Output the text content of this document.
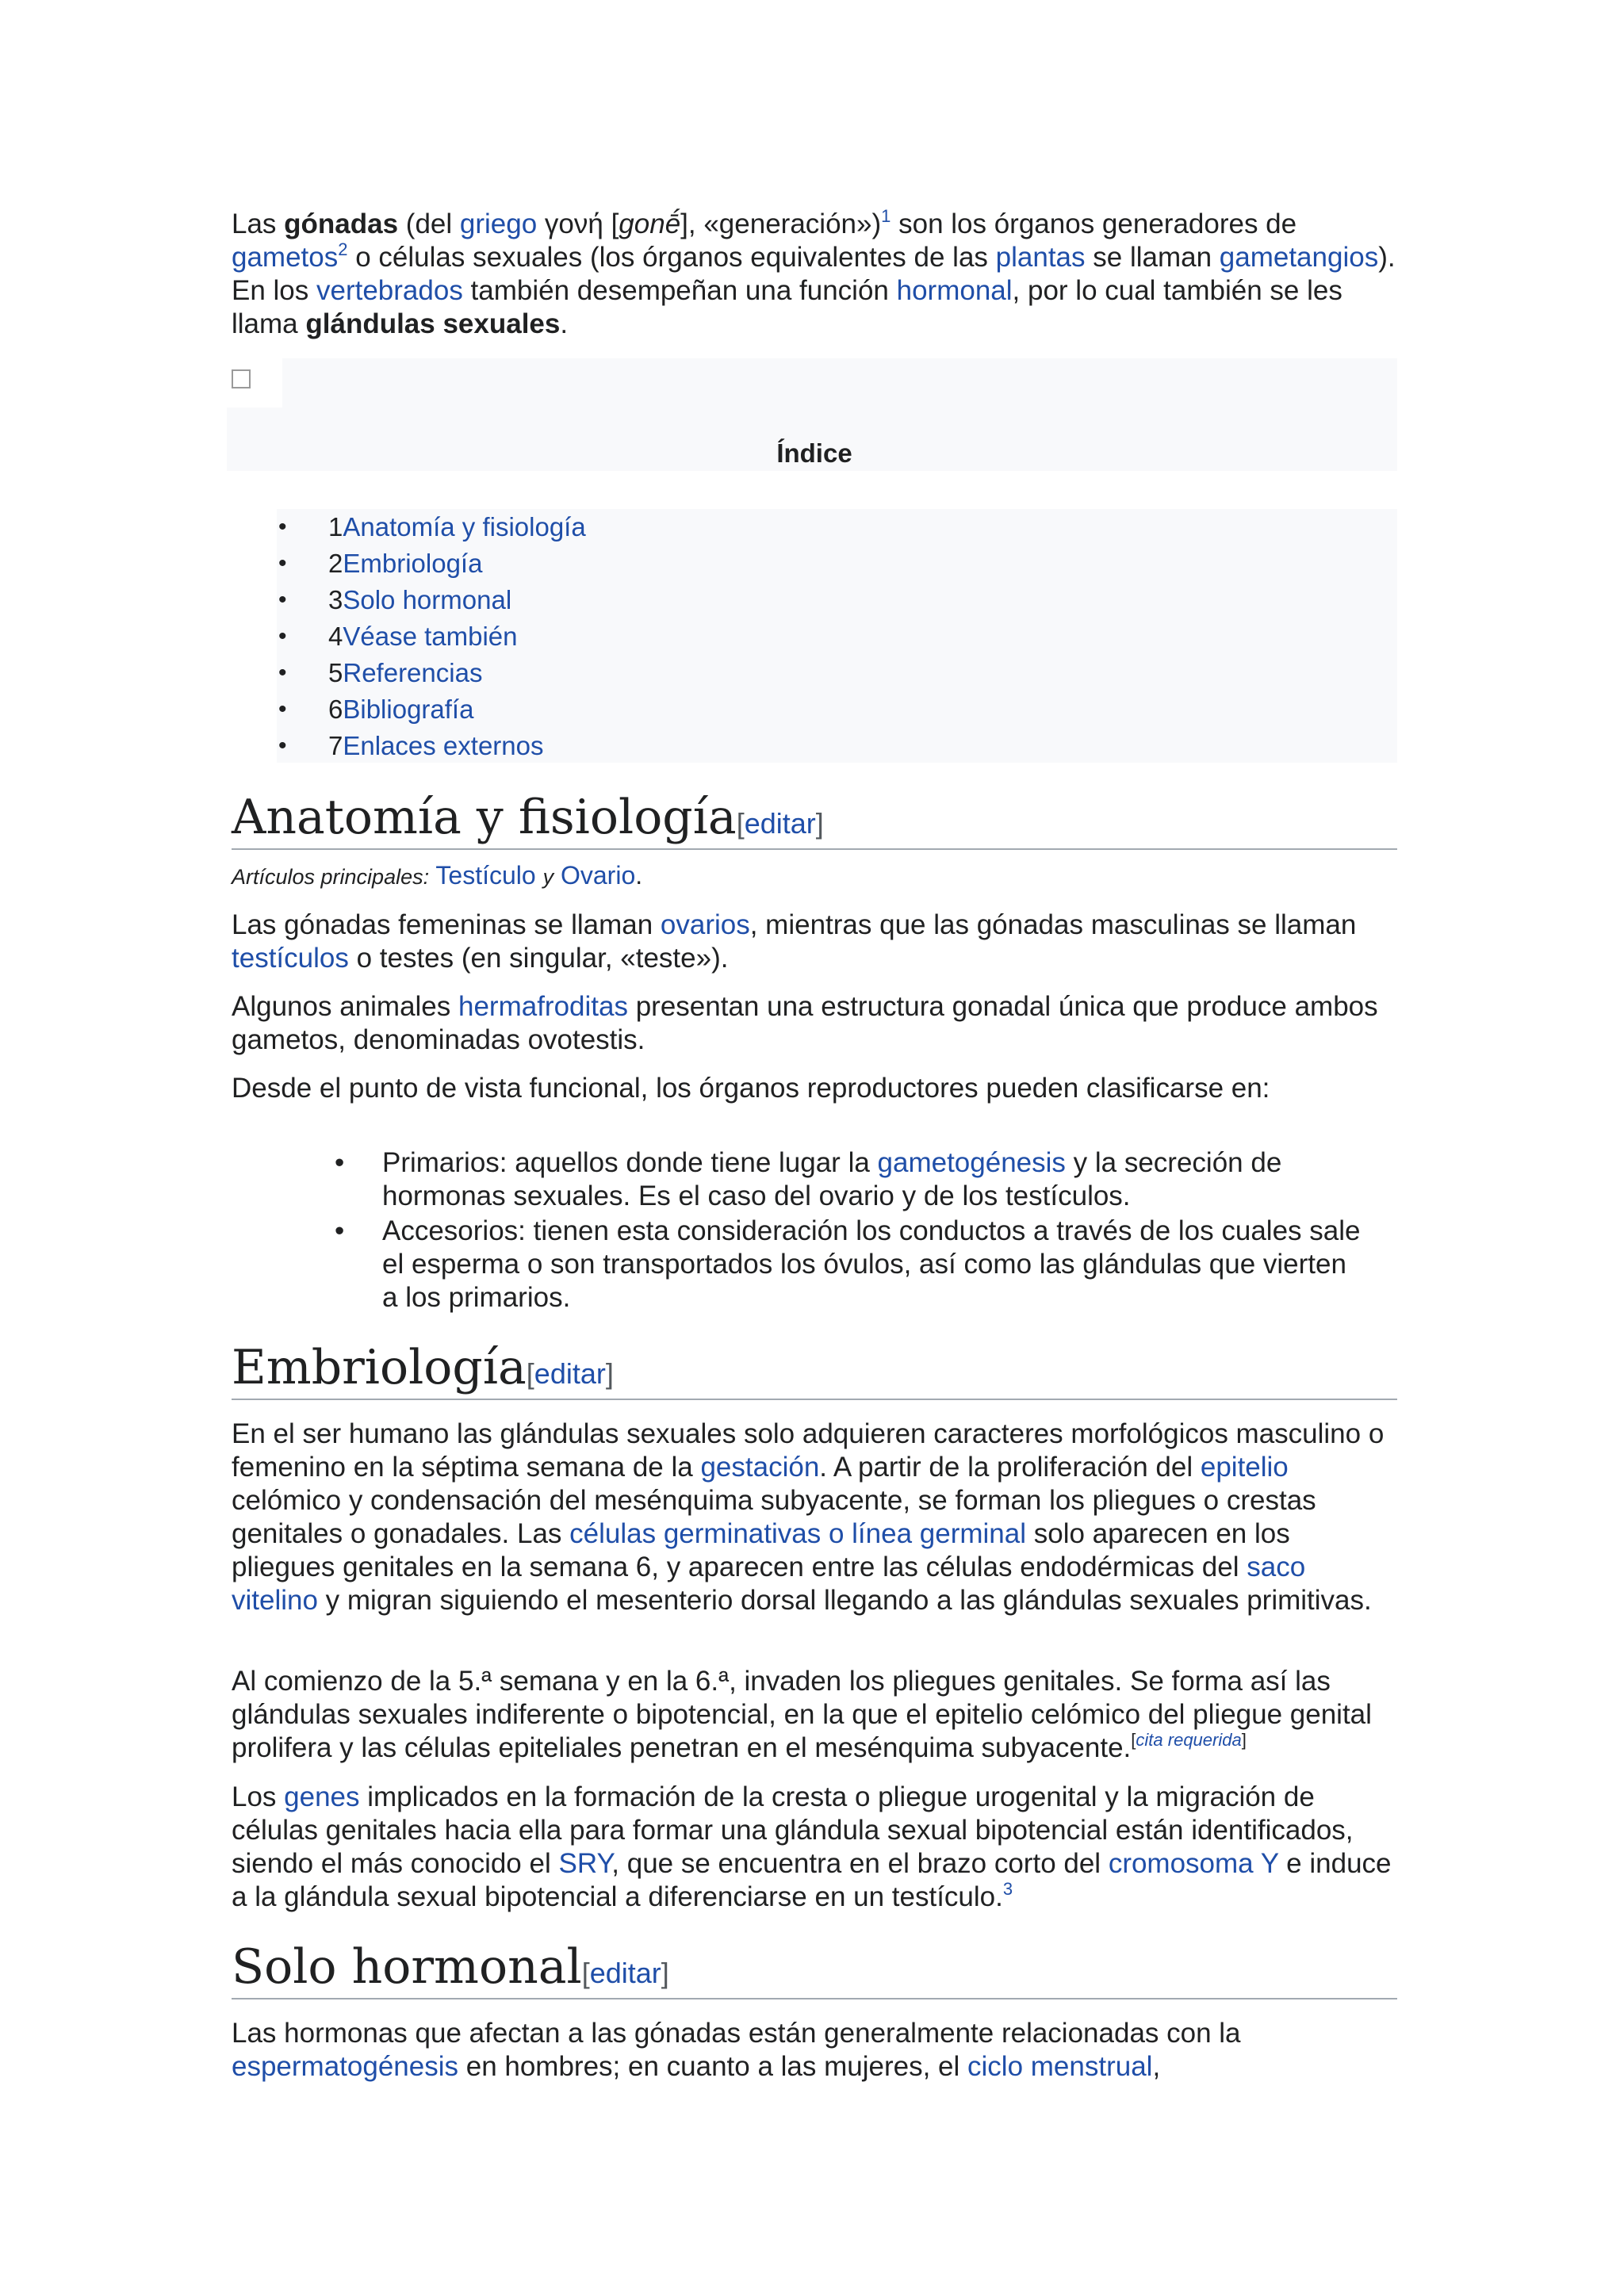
Las gónadas (del griego γονή [gonḗ], «generación»)$^1$ son los órganos generadores de gametos$^2$ o células sexuales (los órganos equivalentes de las plantas se llaman gametangios). En los vertebrados también desempeñan una función hormonal, por lo cual también se les llama glándulas sexuales.

Índice
• 1Anatomía y fisiología
• 2Embriología
• 3Solo hormonal
• 4Véase también
• 5Referencias
• 6Bibliografía
• 7Enlaces externos
Anatomía y fisiología[editar]
Artículos principales: Testículo y Ovario.

Las gónadas femeninas se llaman ovarios, mientras que las gónadas masculinas se llaman testículos o testes (en singular, «teste»).

Algunos animales hermafroditas presentan una estructura gonadal única que produce ambos gametos, denominadas ovotestis.

Desde el punto de vista funcional, los órganos reproductores pueden clasificarse en:

• Primarios: aquellos donde tiene lugar la gametogénesis y la secreción de hormonas sexuales. Es el caso del ovario y de los testículos.
• Accesorios: tienen esta consideración los conductos a través de los cuales sale el esperma o son transportados los óvulos, así como las glándulas que vierten a los primarios.
Embriología[editar]

En el ser humano las glándulas sexuales solo adquieren caracteres morfológicos masculino o femenino en la séptima semana de la gestación. A partir de la proliferación del epitelio celómico y condensación del mesénquima subyacente, se forman los pliegues o crestas genitales o gonadales. Las células germinativas o línea germinal solo aparecen en los pliegues genitales en la semana 6, y aparecen entre las células endodérmicas del saco vitelino y migran siguiendo el mesenterio dorsal llegando a las glándulas sexuales primitivas.

Al comienzo de la 5.ª semana y en la 6.ª, invaden los pliegues genitales. Se forma así las glándulas sexuales indiferente o bipotencial, en la que el epitelio celómico del pliegue genital prolifera y las células epiteliales penetran en el mesénquima subyacente.[cita requerida]

Los genes implicados en la formación de la cresta o pliegue urogenital y la migración de células genitales hacia ella para formar una glándula sexual bipotencial están identificados, siendo el más conocido el SRY, que se encuentra en el brazo corto del cromosoma Y e induce a la glándula sexual bipotencial a diferenciarse en un testículo.$^3$

Solo hormonal[editar]

Las hormonas que afectan a las gónadas están generalmente relacionadas con la espermatogénesis en hombres; en cuanto a las mujeres, el ciclo menstrual,
